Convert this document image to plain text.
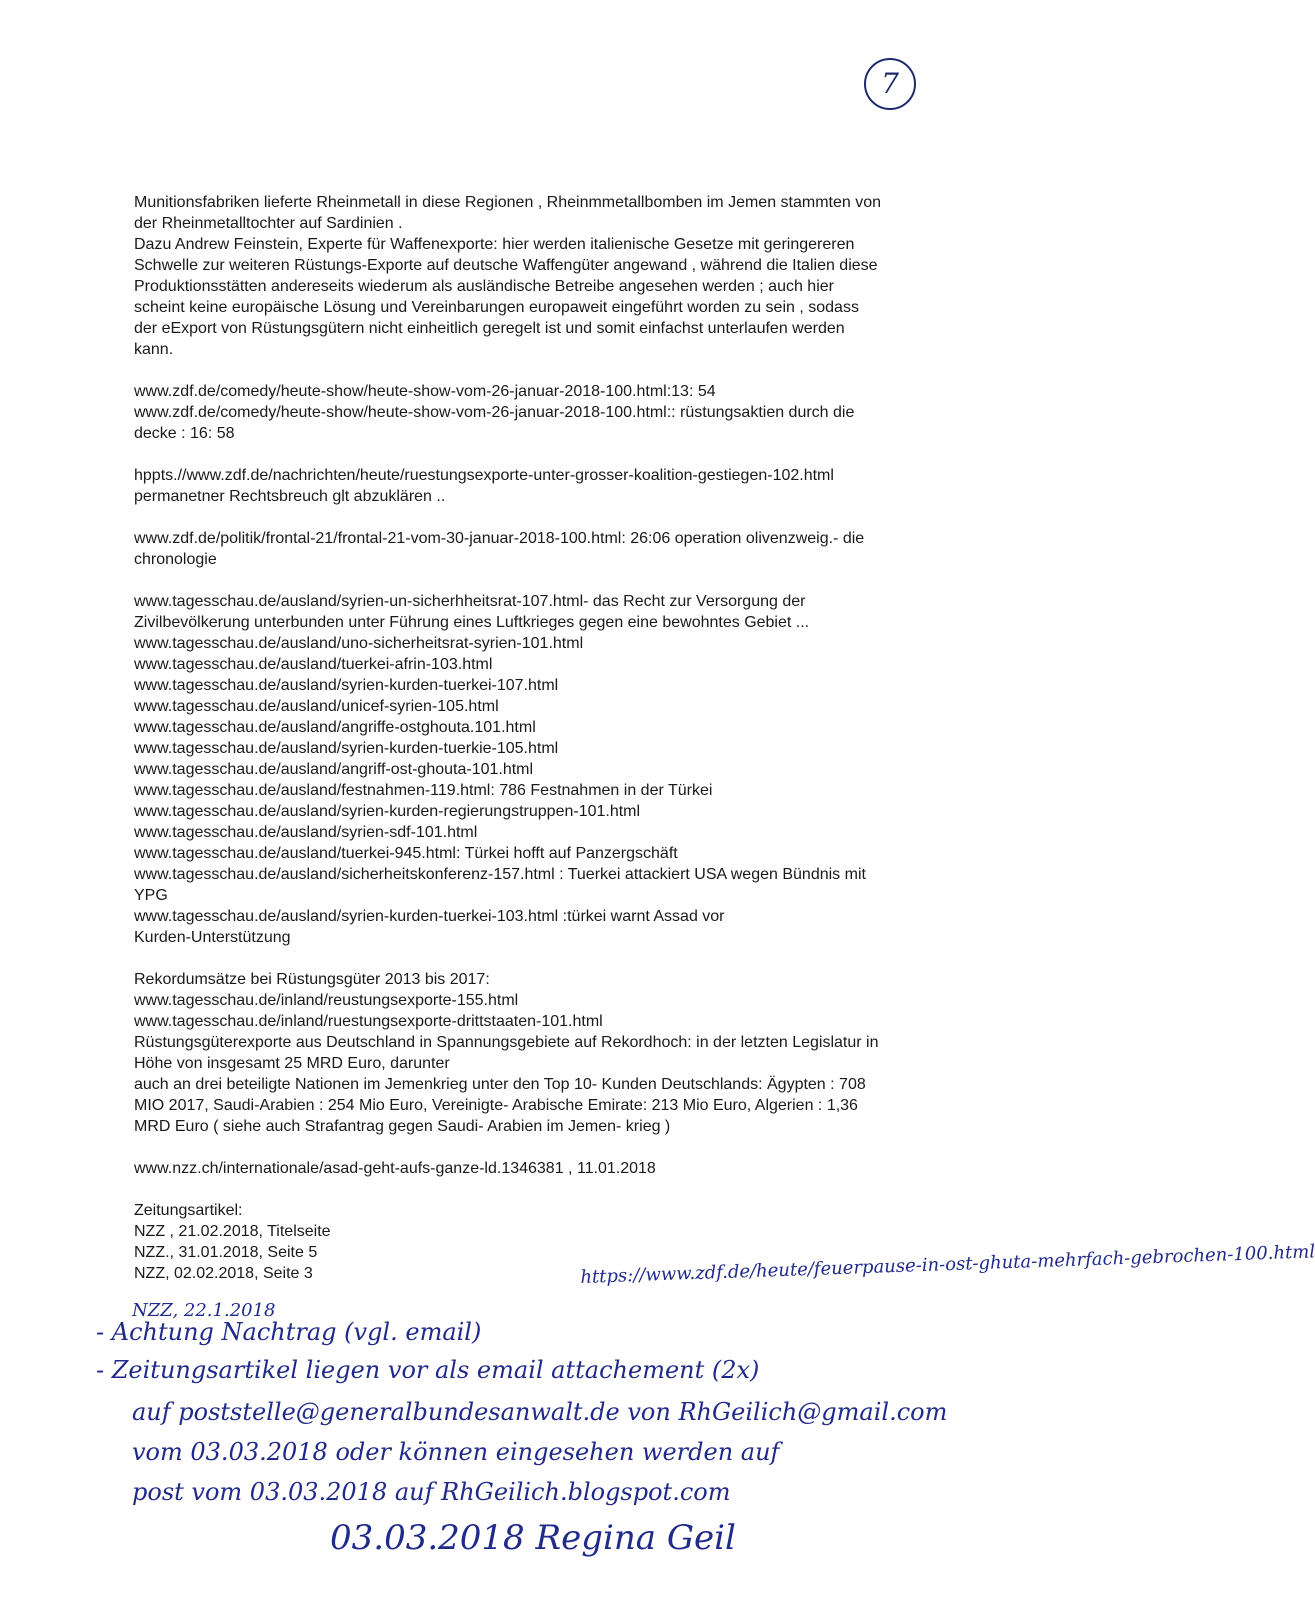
7

Munitionsfabriken lieferte Rheinmetall in diese Regionen , Rheinmmetallbomben im Jemen stammten von

der Rheinmetalltochter auf Sardinien .

Dazu Andrew Feinstein, Experte für Waffenexporte: hier werden italienische Gesetze mit geringereren

Schwelle zur weiteren Rüstungs-Exporte auf deutsche Waffengüter angewand , während die Italien diese

Produktionsstätten andereseits wiederum als ausländische Betreibe angesehen werden ; auch hier

scheint keine europäische Lösung und Vereinbarungen europaweit eingeführt worden zu sein , sodass

der eExport von Rüstungsgütern nicht einheitlich geregelt ist und somit einfachst unterlaufen werden

kann.

www.zdf.de/comedy/heute-show/heute-show-vom-26-januar-2018-100.html:13: 54

www.zdf.de/comedy/heute-show/heute-show-vom-26-januar-2018-100.html:: rüstungsaktien durch die

decke : 16: 58

hppts.//www.zdf.de/nachrichten/heute/ruestungsexporte-unter-grosser-koalition-gestiegen-102.html

permanetner Rechtsbreuch glt abzuklären ..

www.zdf.de/politik/frontal-21/frontal-21-vom-30-januar-2018-100.html: 26:06 operation olivenzweig.- die

chronologie

www.tagesschau.de/ausland/syrien-un-sicherhheitsrat-107.html- das Recht zur Versorgung der

Zivilbevölkerung unterbunden unter Führung eines Luftkrieges gegen eine bewohntes Gebiet ...

www.tagesschau.de/ausland/uno-sicherheitsrat-syrien-101.html

www.tagesschau.de/ausland/tuerkei-afrin-103.html

www.tagesschau.de/ausland/syrien-kurden-tuerkei-107.html

www.tagesschau.de/ausland/unicef-syrien-105.html

www.tagesschau.de/ausland/angriffe-ostghouta.101.html

www.tagesschau.de/ausland/syrien-kurden-tuerkie-105.html

www.tagesschau.de/ausland/angriff-ost-ghouta-101.html

www.tagesschau.de/ausland/festnahmen-119.html: 786 Festnahmen in der Türkei

www.tagesschau.de/ausland/syrien-kurden-regierungstruppen-101.html

www.tagesschau.de/ausland/syrien-sdf-101.html

www.tagesschau.de/ausland/tuerkei-945.html: Türkei hofft auf Panzergschäft

www.tagesschau.de/ausland/sicherheitskonferenz-157.html : Tuerkei attackiert USA wegen Bündnis mit

YPG

www.tagesschau.de/ausland/syrien-kurden-tuerkei-103.html :türkei warnt Assad vor

Kurden-Unterstützung

Rekordumsätze bei Rüstungsgüter 2013 bis 2017:

www.tagesschau.de/inland/reustungsexporte-155.html

www.tagesschau.de/inland/ruestungsexporte-drittstaaten-101.html

Rüstungsgüterexporte aus Deutschland in Spannungsgebiete auf Rekordhoch: in der letzten Legislatur in

Höhe von insgesamt 25 MRD Euro, darunter

auch an drei beteiligte Nationen im Jemenkrieg unter den Top 10- Kunden Deutschlands: Ägypten : 708

MIO 2017, Saudi-Arabien : 254 Mio Euro, Vereinigte- Arabische Emirate: 213 Mio Euro, Algerien : 1,36

MRD Euro ( siehe auch Strafantrag gegen Saudi- Arabien im Jemen- krieg )

www.nzz.ch/internationale/asad-geht-aufs-ganze-ld.1346381 , 11.01.2018

Zeitungsartikel:

NZZ , 21.02.2018, Titelseite

NZZ., 31.01.2018, Seite 5

NZZ, 02.02.2018, Seite 3	https://www.zdf.de/heute/feuerpause-in-ost-ghuta-mehrfach-gebrochen-100.html
NZZ, 22.1.2018
- Achtung Nachtrag (vgl. email)
- Zeitungsartikel liegen vor als email attachement (2x)
auf poststelle@generalbundesanwalt.de von RhGeilich@gmail.com
vom 03.03.2018 oder können eingesehen werden auf
post vom 03.03.2018 auf RhGeilich.blogspot.com
03.03.2018 Regina Geil
